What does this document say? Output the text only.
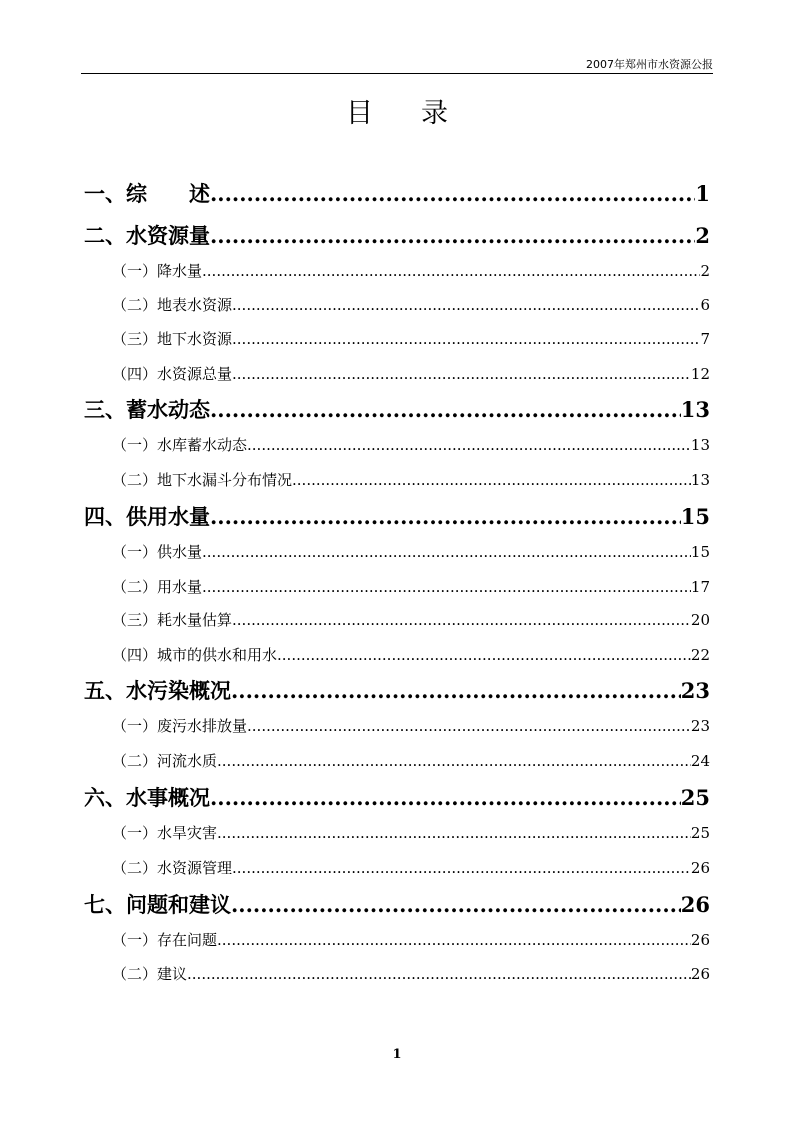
2007年郑州市水资源公报
目 录
一、综　　述 .....	1
二、水资源量 .....	2
（一）降水量. .....	2
（二）地表水资源 .....	6
（三）地下水资源 .....	7
（四）水资源总量 .....	12
三、蓄水动态 .....	13
（一）水库蓄水动态 .....	13
（二）地下水漏斗分布情况 .....	13
四、供用水量 .....	15
（一）供水量 .....	15
（二）用水量 .....	17
（三）耗水量估算 .....	20
（四）城市的供水和用水 .....	22
五、水污染概况 .....	23
（一）废污水排放量 .....	23
（二）河流水质 .....	24
六、水事概况 .....	25
（一）水旱灾害 .....	25
（二）水资源管理 .....	26
七、问题和建议 .....	26
（一）存在问题 .....	26
（二）建议 .....	26
1
